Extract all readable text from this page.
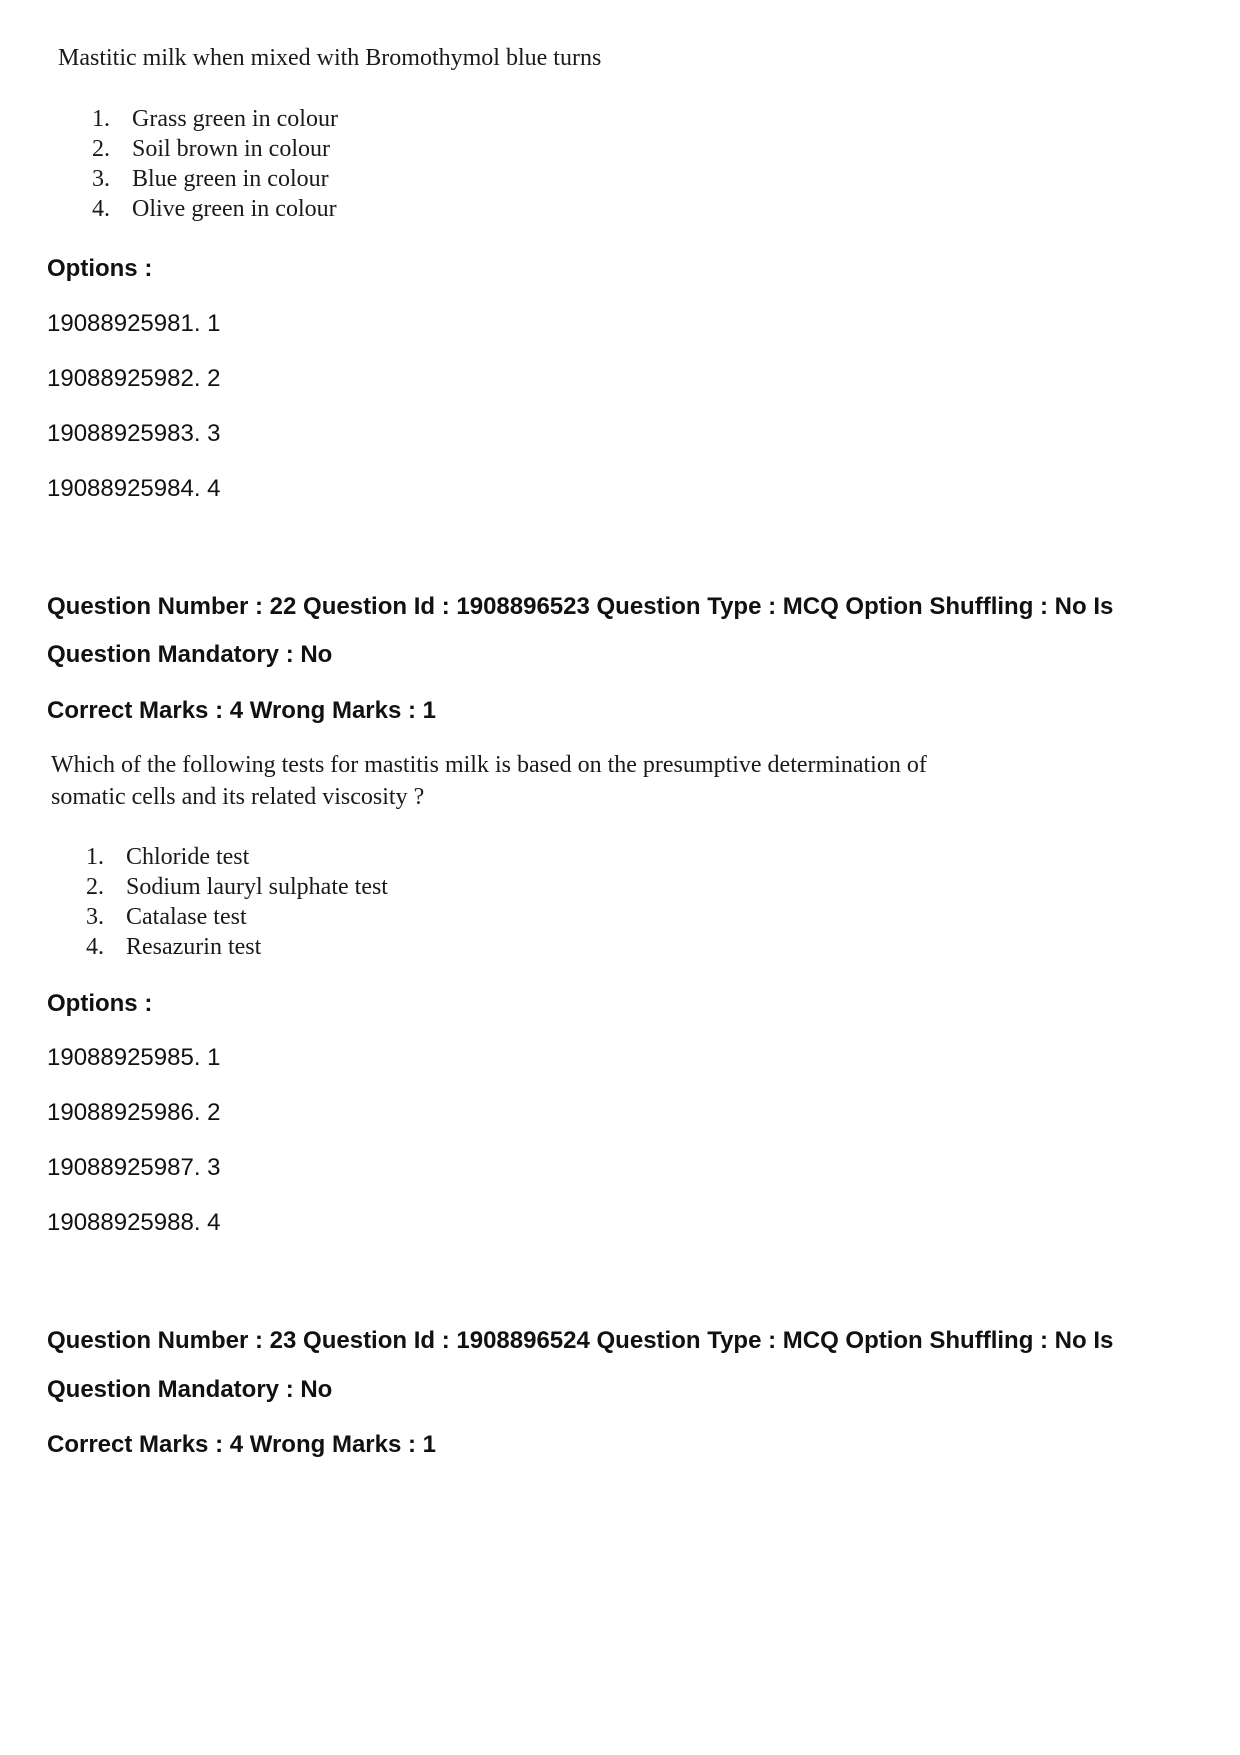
Mastitic milk when mixed with Bromothymol blue turns
1. Grass green in colour
2. Soil brown in colour
3. Blue green in colour
4. Olive green in colour
Options :
19088925981. 1
19088925982. 2
19088925983. 3
19088925984. 4
Question Number : 22 Question Id : 1908896523 Question Type : MCQ Option Shuffling : No Is
Question Mandatory : No
Correct Marks : 4 Wrong Marks : 1
Which of the following tests for mastitis milk is based on the presumptive determination of
somatic cells and its related viscosity ?
1. Chloride test
2. Sodium lauryl sulphate test
3. Catalase test
4. Resazurin test
Options :
19088925985. 1
19088925986. 2
19088925987. 3
19088925988. 4
Question Number : 23 Question Id : 1908896524 Question Type : MCQ Option Shuffling : No Is
Question Mandatory : No
Correct Marks : 4 Wrong Marks : 1
